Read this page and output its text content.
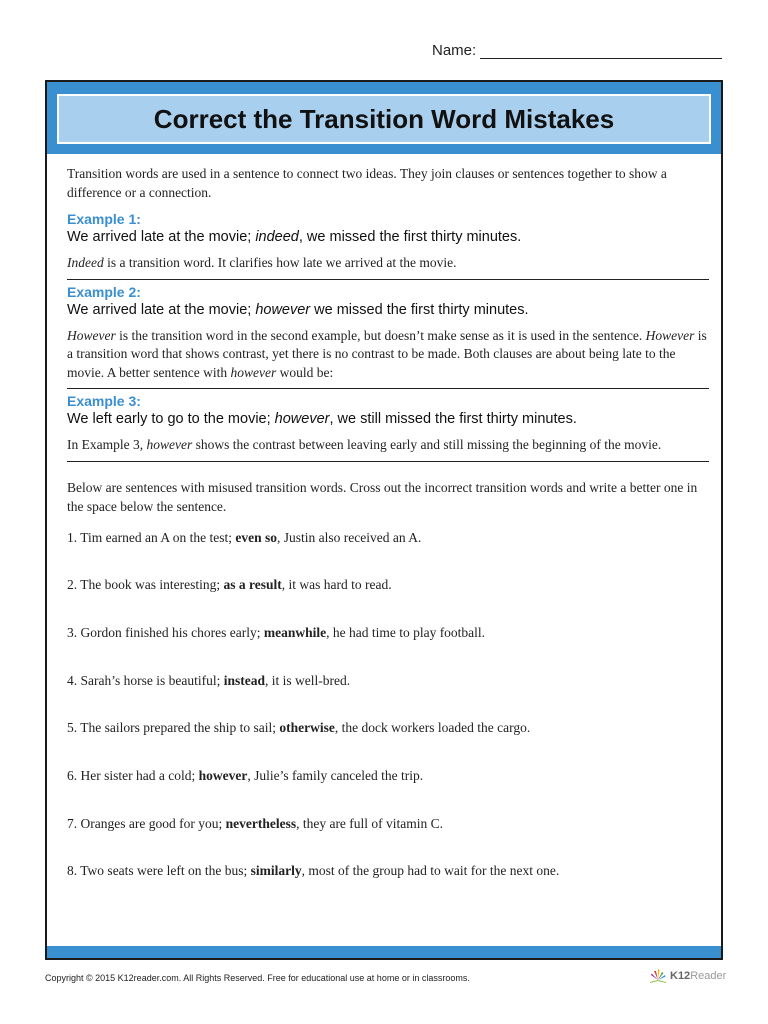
Name:
Correct the Transition Word Mistakes

Transition words are used in a sentence to connect two ideas. They join clauses or sentences together to show a difference or a connection.

Example 1:
We arrived late at the movie; indeed, we missed the first thirty minutes.

Indeed is a transition word. It clarifies how late we arrived at the movie.

Example 2:
We arrived late at the movie; however we missed the first thirty minutes.

However is the transition word in the second example, but doesn’t make sense as it is used in the sentence. However is a transition word that shows contrast, yet there is no contrast to be made. Both clauses are about being late to the movie. A better sentence with however would be:

Example 3:
We left early to go to the movie; however, we still missed the first thirty minutes.

In Example 3, however shows the contrast between leaving early and still missing the beginning of the movie.

Below are sentences with misused transition words. Cross out the incorrect transition words and write a better one in the space below the sentence.

1. Tim earned an A on the test; even so, Justin also received an A.
2. The book was interesting; as a result, it was hard to read.
3. Gordon finished his chores early; meanwhile, he had time to play football.
4. Sarah’s horse is beautiful; instead, it is well-bred.
5. The sailors prepared the ship to sail; otherwise, the dock workers loaded the cargo.
6. Her sister had a cold; however, Julie’s family canceled the trip.
7. Oranges are good for you; nevertheless, they are full of vitamin C.
8. Two seats were left on the bus; similarly, most of the group had to wait for the next one.
Copyright © 2015 K12reader.com. All Rights Reserved. Free for educational use at home or in classrooms.	K12 Reader
